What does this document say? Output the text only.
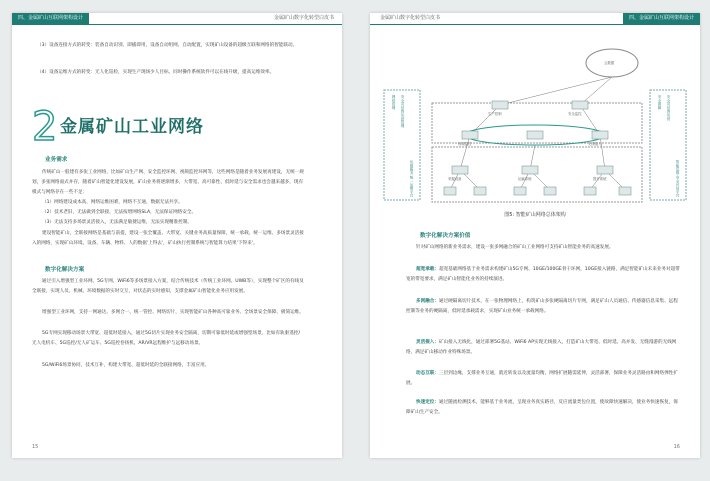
四、金属矿山互联网架构设计	金属矿山数字化转型白皮书

（3）设备连接方式的转变：装备自动识别、即插即用，设备自动组网、自动配置，实现矿山设备的超级互联和网络的智能联动。

（4）设备运维方式的转变：无人化巡检，实现生产现场少人目标，同时操作系统软件可以在线升级，提高运维效率。

2 金属矿山工业网络
业务需求

传统矿山一般建有多张工业网络，比如矿山生产网、安全监控环网、视频监控环网等，这些网络是随着业务发展再建设，无统一规划，多张网络面式并存，随着矿山智能化建设发展，矿山业务将逐渐增多，大带宽、高可靠性、低时延与安全需求也会越来越多，现有模式与网络存在一些不足：

（1）网络建设成本高，网络运维困难，网络不互通，数据无法共享。

（2）技术老旧，无法做到全联接，无法按增网络SLA，无法保证网络安全。

（3）无法支持多场景灵活接入，无法满足敏捷运维，无法实现精准控制。

建设智能矿山，全联接网络是基础与前提，建设一张全覆盖、大带宽、关键业务高质量保障，统一承载、统一运维、多场景灵活接入的网络，实现矿山环境、设备、车辆、物料、人的数据'上得去'，矿山执行控制系统与智能算力结果'下得来'。

数字化解决方案

通过引入增强型工业环网、5G专网、WiFi6等多场景接入方案，结合传统技术（传统工业环网、UWB等），实现整个矿区的有线及全联接，实现人员、机械、环境数据的实时交互，对状态的实时感知，支撑金属矿山智能化业务应用发展。

增强型工业环网，支持一网通达、多网合一、统一管控、网络切片，实现智能矿山各种高可靠业务、全场景安全保障、极简运维。

5G专网实现移动场景大带宽、超低时延接入，通过5G切片实现业务安全隔离，切期可靠低时延或增强型场景，比如有轨驱遥控/无人电机车、5G巡控/无人矿运车、5G巡控卷扬机、AR/VR远程维护与远移动场景。

5G/WiFi6场景协同，技术互补，构建大带宽、超低时延的全联接网络，丰富应用。

15
金属矿山数字化转型白皮书	四、金属矿山互联网架构设计
网络管理 安全可信的运营管理
运维服务 统一运维平台
安全保障 安全可信的运营
智能运维 安全可信平台
云数据
生产控制	安全监控
视频监控
采掘设备	运输系统	提升系统
无线接入
图5: 智能矿山网络总体架构
数字化解决方案价值

针对矿山网络的新业务需求，建设一张多网融合的矿山工业网络可支持矿山智能业务的高速发展。

超宽承载：超宽基础网络基于业务需求构建矿山5G专网、10GE/100GE骨干环网，10GE接入链路，满足智能矿山未来业务对超带宽的带宽要求，满足矿山智能化业务的持续演进。

多网融合：通过硬隔离切片技术，在一张物理网络上，构筑矿山多张硬隔离切片专网，满足矿山人员通信、传感器信息采集、远程控制等业务的硬隔离，低时延承载需求，实现矿山业务统一承载网络。

灵活接入：矿山接入无线化，通过部署5G基站、WiFi6 AP实现无线接入，打造矿山大带宽、低时延、高并发、无缝漫游的无线网络，满足矿山移动作业特殊场景。

动态互联：三层到边缘，支撑业务互通，就近转发以及流量均衡，网络扩展随需延伸，灵活部署，保障业务灵活路由和网络弹性扩展。

快速定位：通过随流检测技术，能够基于业务流，呈现业务真实路径，反应流量类包位置，使故障快速解决，使业务快速恢复，保障矿山生产安全。

16
